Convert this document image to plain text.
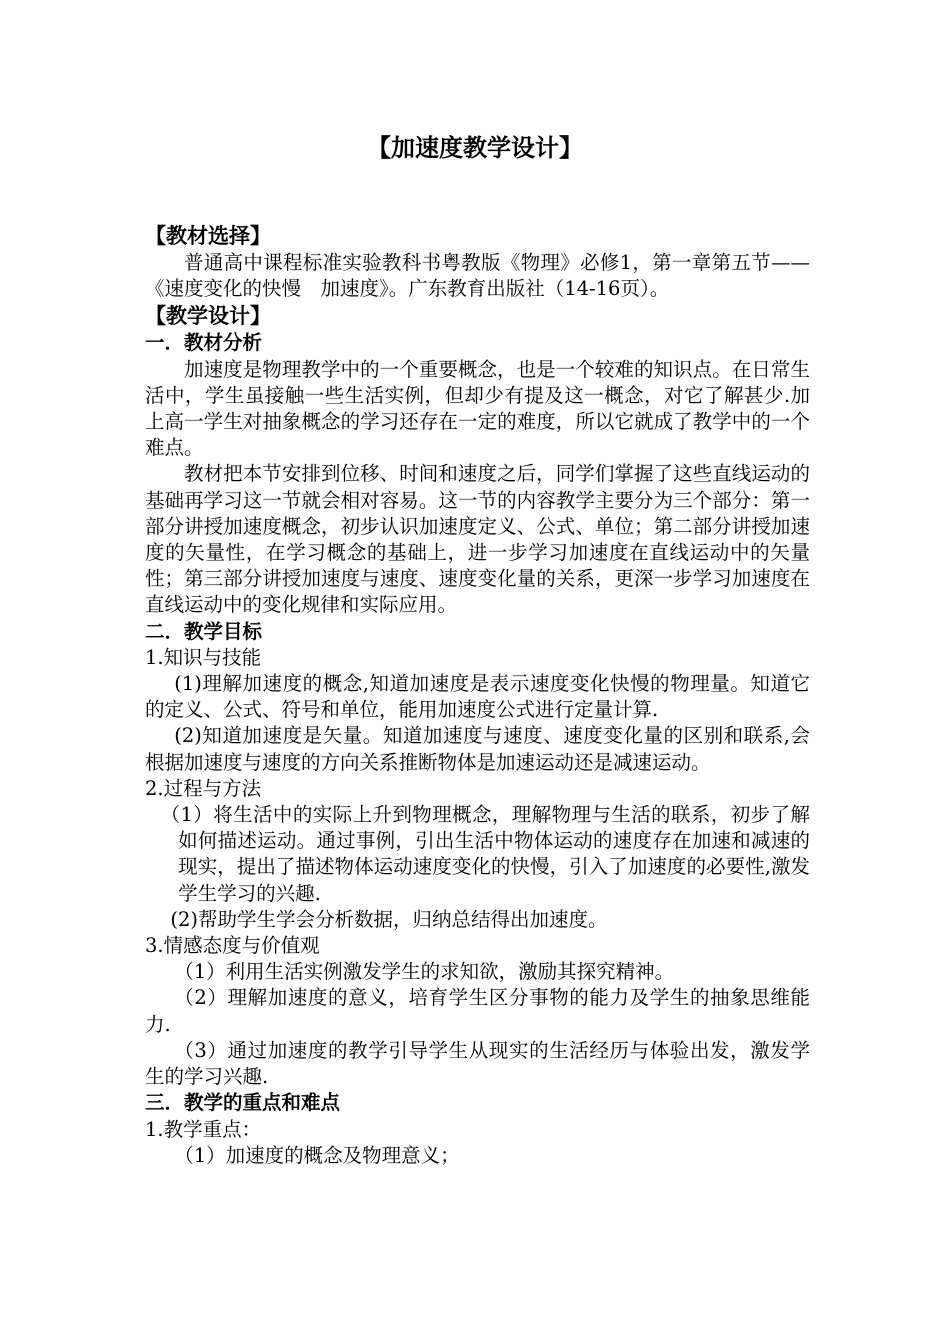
【加速度教学设计】

【教材选择】

普通高中课程标准实验教科书粤教版《物理》必修1，第一章第五节——《速度变化的快慢　加速度》。广东教育出版社（14-16页）。

【教学设计】

一．教材分析

加速度是物理教学中的一个重要概念，也是一个较难的知识点。在日常生活中，学生虽接触一些生活实例，但却少有提及这一概念，对它了解甚少.加上高一学生对抽象概念的学习还存在一定的难度，所以它就成了教学中的一个难点。

教材把本节安排到位移、时间和速度之后，同学们掌握了这些直线运动的基础再学习这一节就会相对容易。这一节的内容教学主要分为三个部分：第一部分讲授加速度概念，初步认识加速度定义、公式、单位；第二部分讲授加速度的矢量性，在学习概念的基础上，进一步学习加速度在直线运动中的矢量性；第三部分讲授加速度与速度、速度变化量的关系，更深一步学习加速度在直线运动中的变化规律和实际应用。

二．教学目标

1.知识与技能

(1)理解加速度的概念,知道加速度是表示速度变化快慢的物理量。知道它的定义、公式、符号和单位，能用加速度公式进行定量计算.

(2)知道加速度是矢量。知道加速度与速度、速度变化量的区别和联系,会根据加速度与速度的方向关系推断物体是加速运动还是减速运动。

2.过程与方法

（1）将生活中的实际上升到物理概念，理解物理与生活的联系，初步了解如何描述运动。通过事例，引出生活中物体运动的速度存在加速和减速的现实，提出了描述物体运动速度变化的快慢，引入了加速度的必要性,激发学生学习的兴趣.

(2)帮助学生学会分析数据，归纳总结得出加速度。

3.情感态度与价值观

（1）利用生活实例激发学生的求知欲，激励其探究精神。

（2）理解加速度的意义，培育学生区分事物的能力及学生的抽象思维能力.

（3）通过加速度的教学引导学生从现实的生活经历与体验出发，激发学生的学习兴趣.

三．教学的重点和难点

1.教学重点：

（1）加速度的概念及物理意义；
